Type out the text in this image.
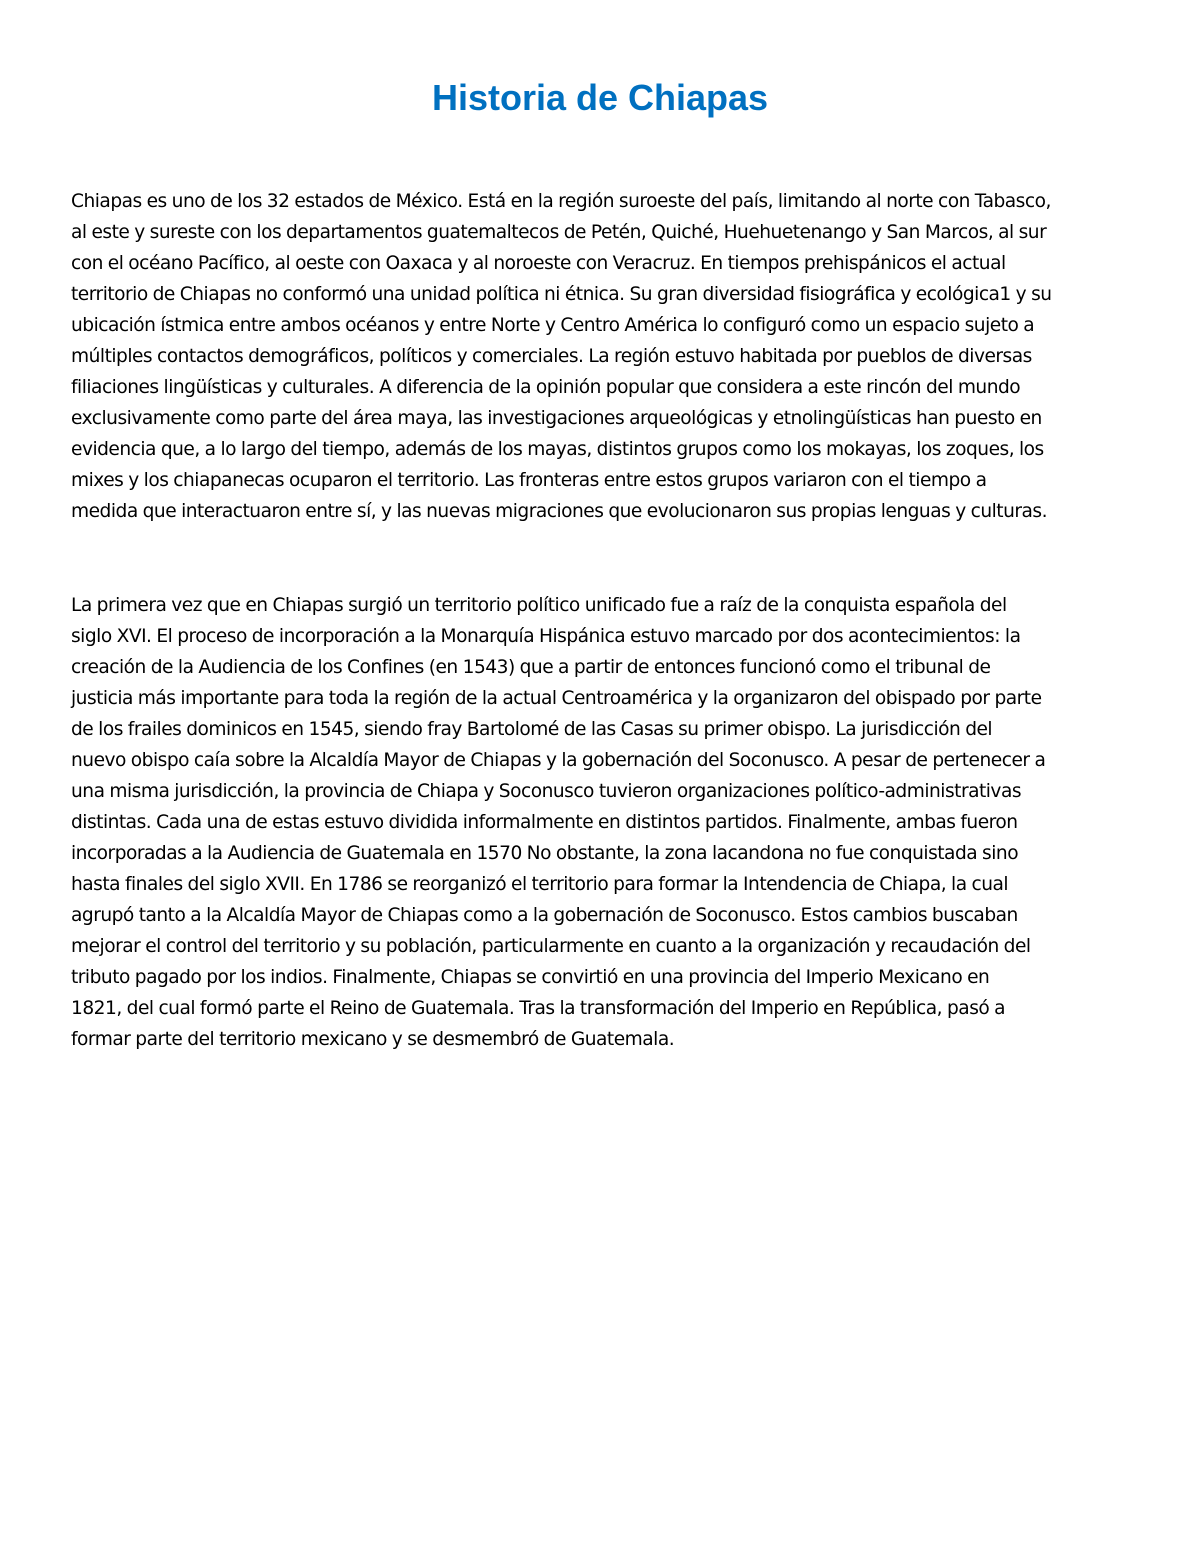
Historia de Chiapas

Chiapas es uno de los 32 estados de México. Está en la región suroeste del país, limitando al norte con Tabasco,
al este y sureste con los departamentos guatemaltecos de Petén, Quiché, Huehuetenango y San Marcos, al sur
con el océano Pacífico, al oeste con Oaxaca y al noroeste con Veracruz. En tiempos prehispánicos el actual
territorio de Chiapas no conformó una unidad política ni étnica. Su gran diversidad fisiográfica y ecológica1 y su
ubicación ístmica entre ambos océanos y entre Norte y Centro América lo configuró como un espacio sujeto a
múltiples contactos demográficos, políticos y comerciales. La región estuvo habitada por pueblos de diversas
filiaciones lingüísticas y culturales. A diferencia de la opinión popular que considera a este rincón del mundo
exclusivamente como parte del área maya, las investigaciones arqueológicas y etnolingüísticas han puesto en
evidencia que, a lo largo del tiempo, además de los mayas, distintos grupos como los mokayas, los zoques, los
mixes y los chiapanecas ocuparon el territorio. Las fronteras entre estos grupos variaron con el tiempo a
medida que interactuaron entre sí, y las nuevas migraciones que evolucionaron sus propias lenguas y culturas.

La primera vez que en Chiapas surgió un territorio político unificado fue a raíz de la conquista española del
siglo XVI. El proceso de incorporación a la Monarquía Hispánica estuvo marcado por dos acontecimientos: la
creación de la Audiencia de los Confines (en 1543) que a partir de entonces funcionó como el tribunal de
justicia más importante para toda la región de la actual Centroamérica y la organizaron del obispado por parte
de los frailes dominicos en 1545, siendo fray Bartolomé de las Casas su primer obispo. La jurisdicción del
nuevo obispo caía sobre la Alcaldía Mayor de Chiapas y la gobernación del Soconusco. A pesar de pertenecer a
una misma jurisdicción, la provincia de Chiapa y Soconusco tuvieron organizaciones político-administrativas
distintas. Cada una de estas estuvo dividida informalmente en distintos partidos. Finalmente, ambas fueron
incorporadas a la Audiencia de Guatemala en 1570 No obstante, la zona lacandona no fue conquistada sino
hasta finales del siglo XVII. En 1786 se reorganizó el territorio para formar la Intendencia de Chiapa, la cual
agrupó tanto a la Alcaldía Mayor de Chiapas como a la gobernación de Soconusco. Estos cambios buscaban
mejorar el control del territorio y su población, particularmente en cuanto a la organización y recaudación del
tributo pagado por los indios. Finalmente, Chiapas se convirtió en una provincia del Imperio Mexicano en
1821, del cual formó parte el Reino de Guatemala. Tras la transformación del Imperio en República, pasó a
formar parte del territorio mexicano y se desmembró de Guatemala.
